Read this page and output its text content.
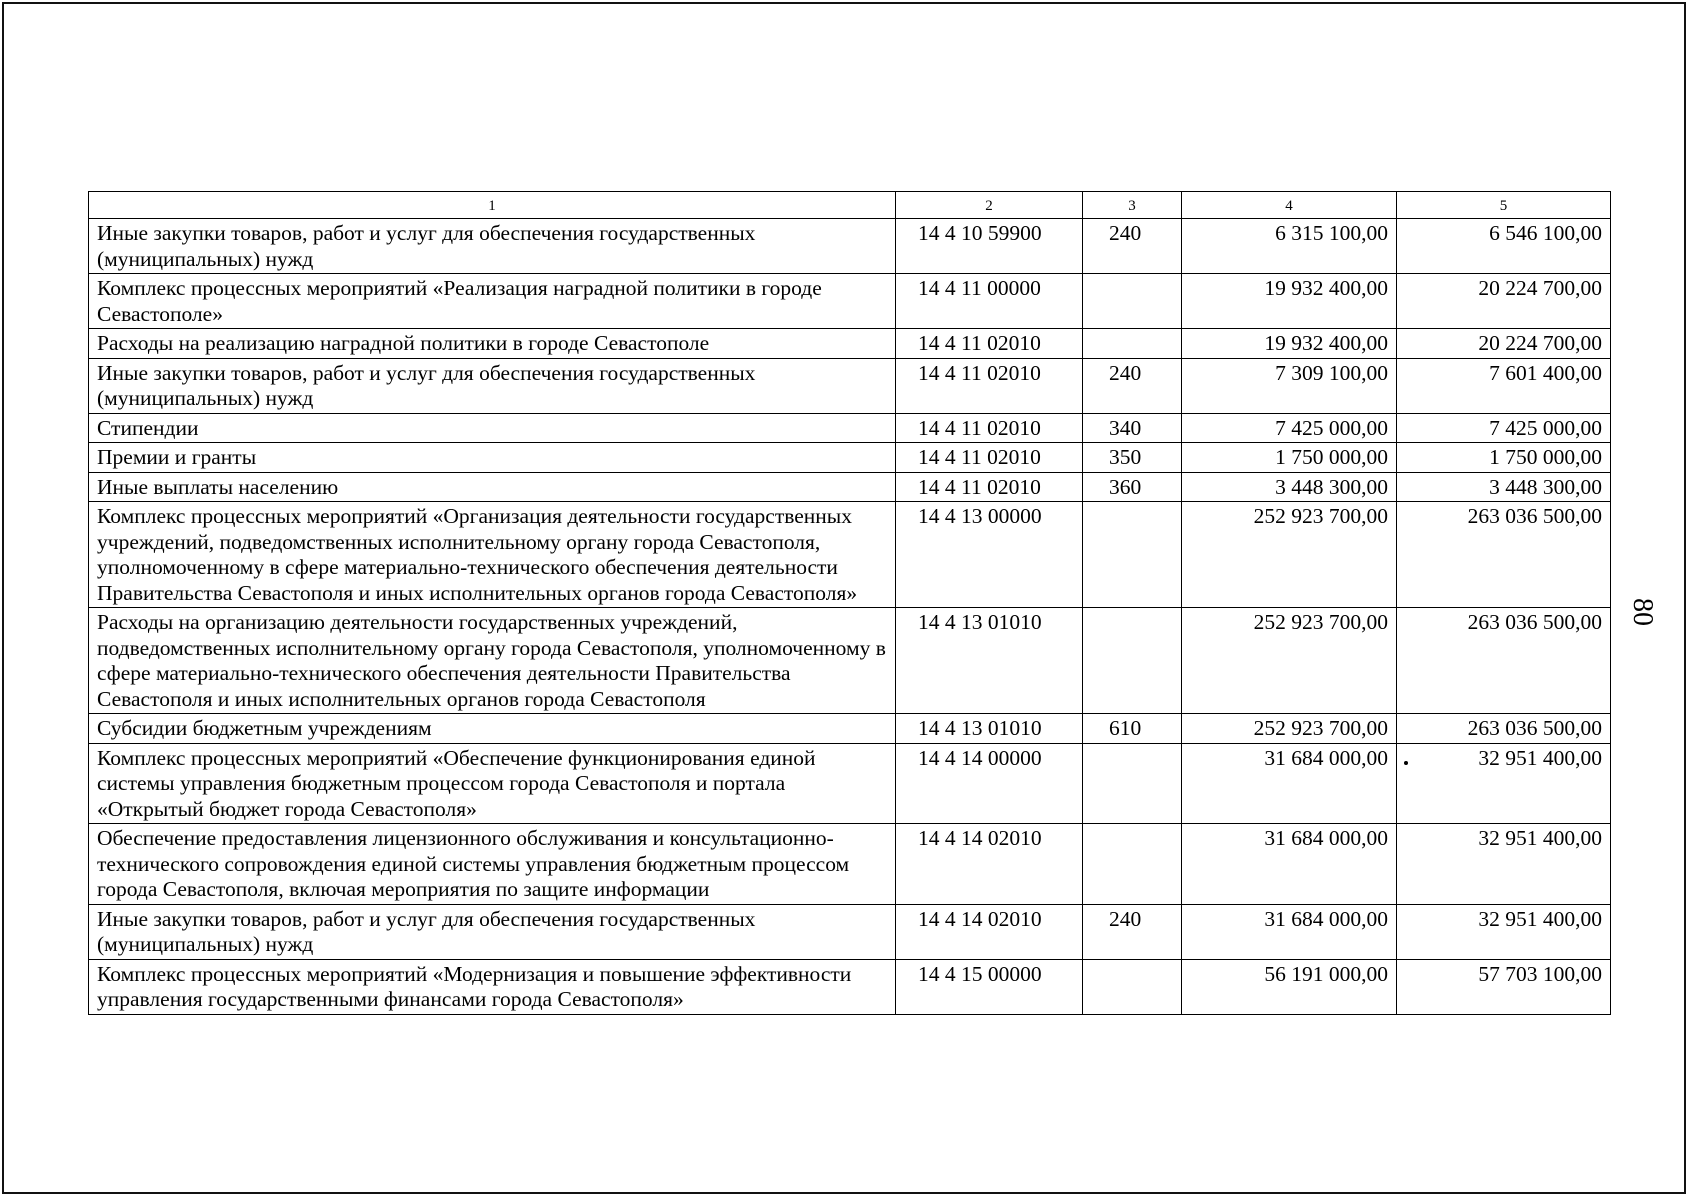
1	2	3	4	5
Иные закупки товаров, работ и услуг для обеспечения государственных (муниципальных) нужд	14 4 10 59900	240	6 315 100,00	6 546 100,00
Комплекс процессных мероприятий «Реализация наградной политики в городе Севастополе»	14 4 11 00000		19 932 400,00	20 224 700,00
Расходы на реализацию наградной политики в городе Севастополе	14 4 11 02010		19 932 400,00	20 224 700,00
Иные закупки товаров, работ и услуг для обеспечения государственных (муниципальных) нужд	14 4 11 02010	240	7 309 100,00	7 601 400,00
Стипендии	14 4 11 02010	340	7 425 000,00	7 425 000,00
Премии и гранты	14 4 11 02010	350	1 750 000,00	1 750 000,00
Иные выплаты населению	14 4 11 02010	360	3 448 300,00	3 448 300,00
Комплекс процессных мероприятий «Организация деятельности государственных учреждений, подведомственных исполнительному органу города Севастополя, уполномоченному в сфере материально-технического обеспечения деятельности Правительства Севастополя и иных исполнительных органов города Севастополя»	14 4 13 00000		252 923 700,00	263 036 500,00
Расходы на организацию деятельности государственных учреждений, подведомственных исполнительному органу города Севастополя, уполномоченному в сфере материально-технического обеспечения деятельности Правительства Севастополя и иных исполнительных органов города Севастополя	14 4 13 01010		252 923 700,00	263 036 500,00
Субсидии бюджетным учреждениям	14 4 13 01010	610	252 923 700,00	263 036 500,00
Комплекс процессных мероприятий «Обеспечение функционирования единой системы управления бюджетным процессом города Севастополя и портала «Открытый бюджет города Севастополя»	14 4 14 00000		31 684 000,00	32 951 400,00
Обеспечение предоставления лицензионного обслуживания и консультационно-технического сопровождения единой системы управления бюджетным процессом города Севастополя, включая мероприятия по защите информации	14 4 14 02010		31 684 000,00	32 951 400,00
Иные закупки товаров, работ и услуг для обеспечения государственных (муниципальных) нужд	14 4 14 02010	240	31 684 000,00	32 951 400,00
Комплекс процессных мероприятий «Модернизация и повышение эффективности управления государственными финансами города Севастополя»	14 4 15 00000		56 191 000,00	57 703 100,00
80
